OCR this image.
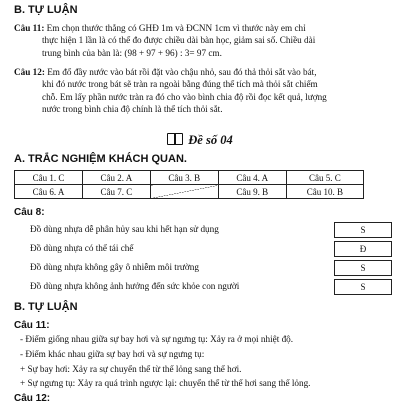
B. TỰ LUẬN
Câu 11: Em chọn thước thẳng có GHĐ 1m và ĐCNN 1cm vì thước này em chỉ
thực hiện 1 lần là có thể đo được chiều dài bàn học, giảm sai số. Chiều dài
trung bình của bàn là: (98 + 97 + 96) : 3= 97 cm.
Câu 12: Em đổ đầy nước vào bát rồi đặt vào chậu nhỏ, sau đó thả thỏi sắt vào bát,
khi đó nước trong bát sẽ tràn ra ngoài bằng đúng thể tích mà thỏi sắt chiếm
chỗ. Em lấy phần nước tràn ra đó cho vào bình chia độ rồi đọc kết quả, lượng
nước trong bình chia độ chính là thể tích thỏi sắt.
Đề số 04
A. TRẮC NGHIỆM KHÁCH QUAN.
Câu 1. C	Câu 2. A	Câu 3. B	Câu 4. A	Câu 5. C
Câu 6. A	Câu 7. C		Câu 9. B	Câu 10. B
Câu 8:
Đồ dùng nhựa dễ phân hủy sau khi hết hạn sử dụng	S
Đồ dùng nhựa có thể tái chế	Đ
Đồ dùng nhựa không gây ô nhiễm môi trường	S
Đồ dùng nhựa không ảnh hưởng đến sức khỏe con người	S
B. TỰ LUẬN
Câu 11:
- Điểm giống nhau giữa sự bay hơi và sự ngưng tụ: Xảy ra ở mọi nhiệt độ.
- Điểm khác nhau giữa sự bay hơi và sự ngưng tụ:
+ Sự bay hơi: Xảy ra sự chuyển thể từ thể lỏng sang thể hơi.
+ Sự ngưng tụ: Xảy ra quá trình ngược lại: chuyển thể từ thể hơi sang thể lỏng.
Câu 12:
